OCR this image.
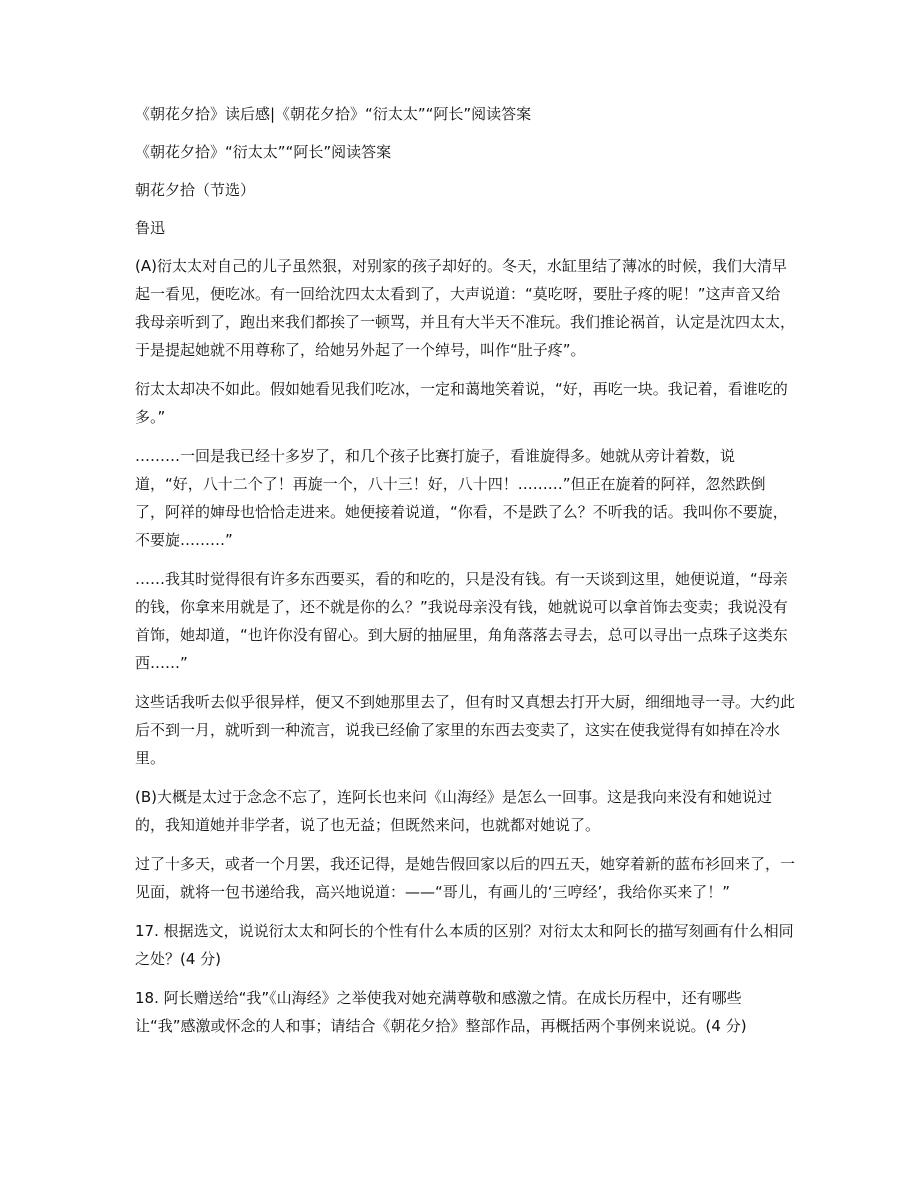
《朝花夕拾》读后感|《朝花夕拾》“衍太太”“阿长”阅读答案

《朝花夕拾》“衍太太”“阿长”阅读答案

朝花夕拾（节选）

鲁迅

(A)衍太太对自己的儿子虽然狠，对别家的孩子却好的。冬天，水缸里结了薄冰的时候，我们大清早起一看见，便吃冰。有一回给沈四太太看到了，大声说道：“莫吃呀，要肚子疼的呢！”这声音又给我母亲听到了，跑出来我们都挨了一顿骂，并且有大半天不准玩。我们推论祸首，认定是沈四太太，于是提起她就不用尊称了，给她另外起了一个绰号，叫作“肚子疼”。

衍太太却决不如此。假如她看见我们吃冰，一定和蔼地笑着说，“好，再吃一块。我记着，看谁吃的多。”

………一回是我已经十多岁了，和几个孩子比赛打旋子，看谁旋得多。她就从旁计着数，说道，“好，八十二个了！再旋一个，八十三！好，八十四！………”但正在旋着的阿祥，忽然跌倒了，阿祥的婶母也恰恰走进来。她便接着说道，“你看，不是跌了么？不听我的话。我叫你不要旋，不要旋………”

……我其时觉得很有许多东西要买，看的和吃的，只是没有钱。有一天谈到这里，她便说道，“母亲的钱，你拿来用就是了，还不就是你的么？”我说母亲没有钱，她就说可以拿首饰去变卖；我说没有首饰，她却道，“也许你没有留心。到大厨的抽屉里，角角落落去寻去，总可以寻出一点珠子这类东西……”

这些话我听去似乎很异样，便又不到她那里去了，但有时又真想去打开大厨，细细地寻一寻。大约此后不到一月，就听到一种流言，说我已经偷了家里的东西去变卖了，这实在使我觉得有如掉在冷水里。

(B)大概是太过于念念不忘了，连阿长也来问《山海经》是怎么一回事。这是我向来没有和她说过的，我知道她并非学者，说了也无益；但既然来问，也就都对她说了。

过了十多天，或者一个月罢，我还记得，是她告假回家以后的四五天，她穿着新的蓝布衫回来了，一见面，就将一包书递给我，高兴地说道：——“哥儿，有画儿的‘三哼经’，我给你买来了！”

17. 根据选文，说说衍太太和阿长的个性有什么本质的区别？对衍太太和阿长的描写刻画有什么相同之处？(4 分)

18. 阿长赠送给“我”《山海经》之举使我对她充满尊敬和感激之情。在成长历程中，还有哪些让“我”感激或怀念的人和事；请结合《朝花夕拾》整部作品，再概括两个事例来说说。(4 分)
